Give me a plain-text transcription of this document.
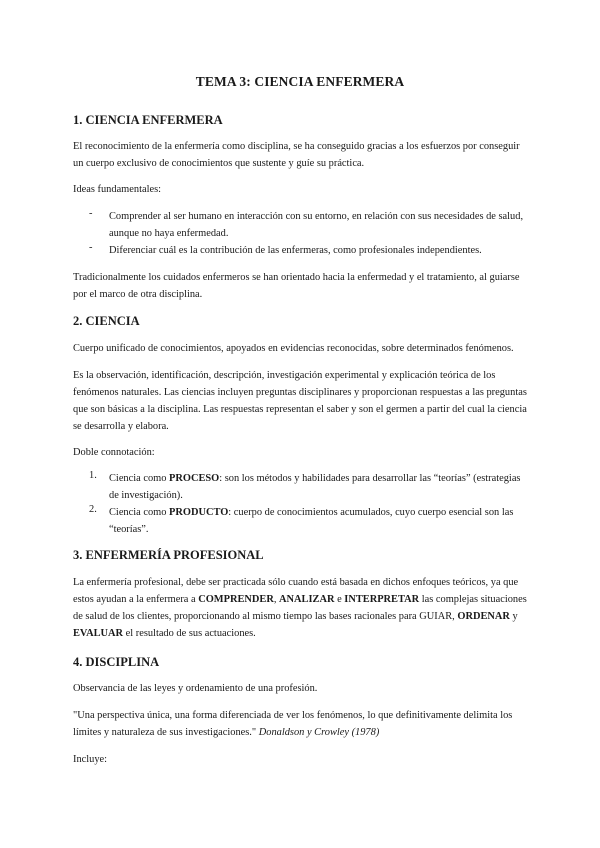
TEMA 3: CIENCIA ENFERMERA
1. CIENCIA ENFERMERA

El reconocimiento de la enfermería como disciplina, se ha conseguido gracias a los esfuerzos por conseguir un cuerpo exclusivo de conocimientos que sustente y guíe su práctica.

Ideas fundamentales:

- Comprender al ser humano en interacción con su entorno, en relación con sus necesidades de salud, aunque no haya enfermedad.
- Diferenciar cuál es la contribución de las enfermeras, como profesionales independientes.

Tradicionalmente los cuidados enfermeros se han orientado hacia la enfermedad y el tratamiento, al guiarse por el marco de otra disciplina.

2. CIENCIA

Cuerpo unificado de conocimientos, apoyados en evidencias reconocidas, sobre determinados fenómenos.

Es la observación, identificación, descripción, investigación experimental y explicación teórica de los fenómenos naturales. Las ciencias incluyen preguntas disciplinares y proporcionan respuestas a las preguntas que son básicas a la disciplina. Las respuestas representan el saber y son el germen a partir del cual la ciencia se desarrolla y elabora.

Doble connotación:

1. Ciencia como PROCESO: son los métodos y habilidades para desarrollar las “teorías” (estrategias de investigación).
2. Ciencia como PRODUCTO: cuerpo de conocimientos acumulados, cuyo cuerpo esencial son las “teorías”.
3. ENFERMERÍA PROFESIONAL

La enfermería profesional, debe ser practicada sólo cuando está basada en dichos enfoques teóricos, ya que estos ayudan a la enfermera a COMPRENDER, ANALIZAR e INTERPRETAR las complejas situaciones de salud de los clientes, proporcionando al mismo tiempo las bases racionales para GUIAR, ORDENAR y EVALUAR el resultado de sus actuaciones.

4. DISCIPLINA

Observancia de las leyes y ordenamiento de una profesión.

"Una perspectiva única, una forma diferenciada de ver los fenómenos, lo que definitivamente delimita los límites y naturaleza de sus investigaciones." Donaldson y Crowley (1978)

Incluye:
